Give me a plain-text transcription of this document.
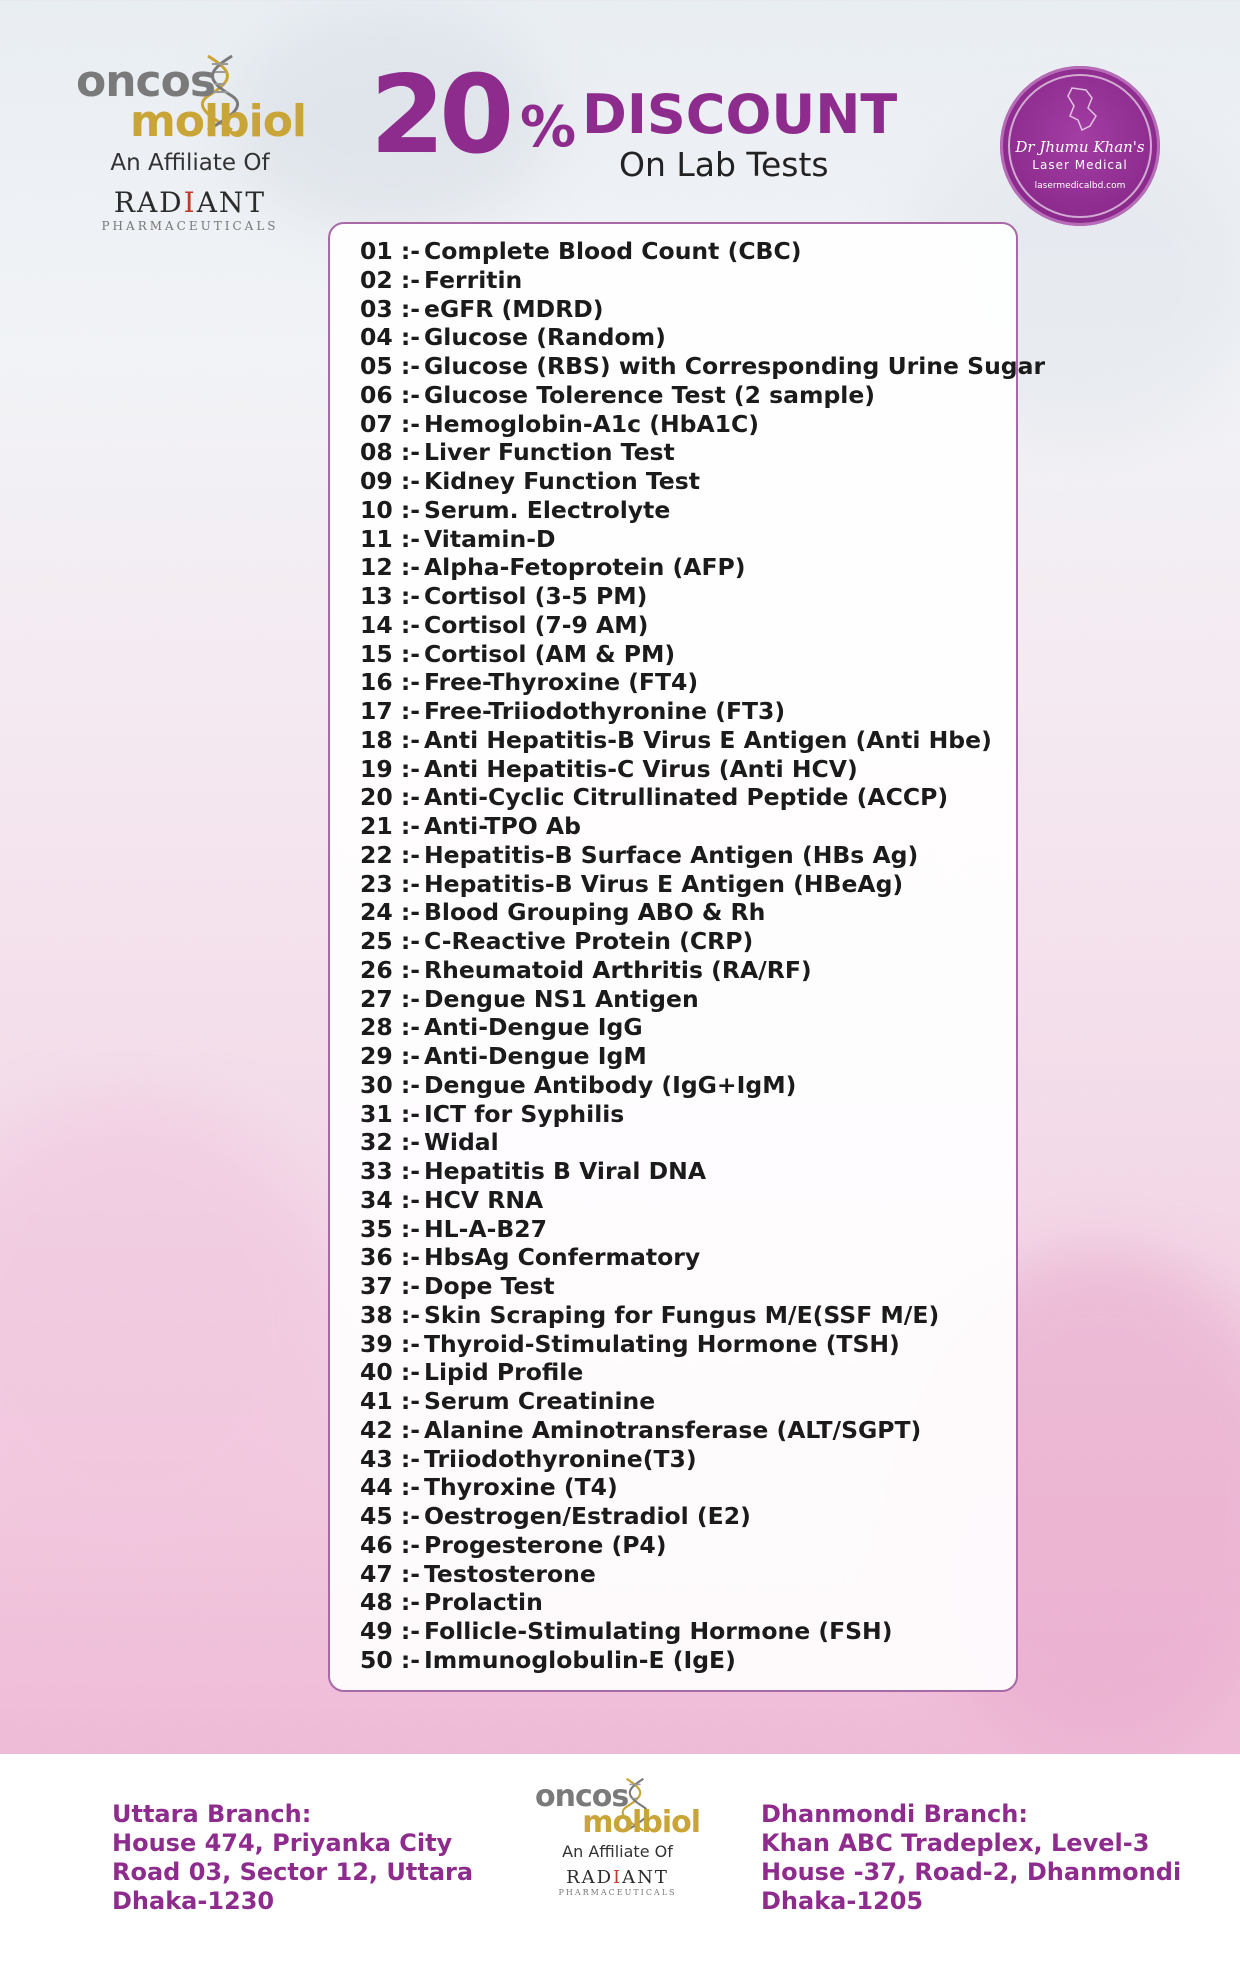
oncos
molbiol
An Affiliate Of
RADIANT
PHARMACEUTICALS
20 % DISCOUNT
On Lab Tests	Dr Jhumu Khan's
Laser Medical
lasermedicalbd.com
01 :- Complete Blood Count (CBC)
02 :- Ferritin
03 :- eGFR (MDRD)
04 :- Glucose (Random)
05 :- Glucose (RBS) with Corresponding Urine Sugar
06 :- Glucose Tolerence Test (2 sample)
07 :- Hemoglobin-A1c (HbA1C)
08 :- Liver Function Test
09 :- Kidney Function Test
10 :- Serum. Electrolyte
11 :- Vitamin-D
12 :- Alpha-Fetoprotein (AFP)
13 :- Cortisol (3-5 PM)
14 :- Cortisol (7-9 AM)
15 :- Cortisol (AM & PM)
16 :- Free-Thyroxine (FT4)
17 :- Free-Triiodothyronine (FT3)
18 :- Anti Hepatitis-B Virus E Antigen (Anti Hbe)
19 :- Anti Hepatitis-C Virus (Anti HCV)
20 :- Anti-Cyclic Citrullinated Peptide (ACCP)
21 :- Anti-TPO Ab
22 :- Hepatitis-B Surface Antigen (HBs Ag)
23 :- Hepatitis-B Virus E Antigen (HBeAg)
24 :- Blood Grouping ABO & Rh
25 :- C-Reactive Protein (CRP)
26 :- Rheumatoid Arthritis (RA/RF)
27 :- Dengue NS1 Antigen
28 :- Anti-Dengue IgG
29 :- Anti-Dengue IgM
30 :- Dengue Antibody (IgG+IgM)
31 :- ICT for Syphilis
32 :- Widal
33 :- Hepatitis B Viral DNA
34 :- HCV RNA
35 :- HL-A-B27
36 :- HbsAg Confermatory
37 :- Dope Test
38 :- Skin Scraping for Fungus M/E(SSF M/E)
39 :- Thyroid-Stimulating Hormone (TSH)
40 :- Lipid Profile
41 :- Serum Creatinine
42 :- Alanine Aminotransferase (ALT/SGPT)
43 :- Triiodothyronine(T3)
44 :- Thyroxine (T4)
45 :- Oestrogen/Estradiol (E2)
46 :- Progesterone (P4)
47 :- Testosterone
48 :- Prolactin
49 :- Follicle-Stimulating Hormone (FSH)
50 :- Immunoglobulin-E (IgE)
Uttara Branch:
House 474, Priyanka City
Road 03, Sector 12, Uttara
Dhaka-1230
oncos
molbiol
An Affiliate Of
RADIANT
PHARMACEUTICALS
Dhanmondi Branch:
Khan ABC Tradeplex, Level-3
House -37, Road-2, Dhanmondi
Dhaka-1205
